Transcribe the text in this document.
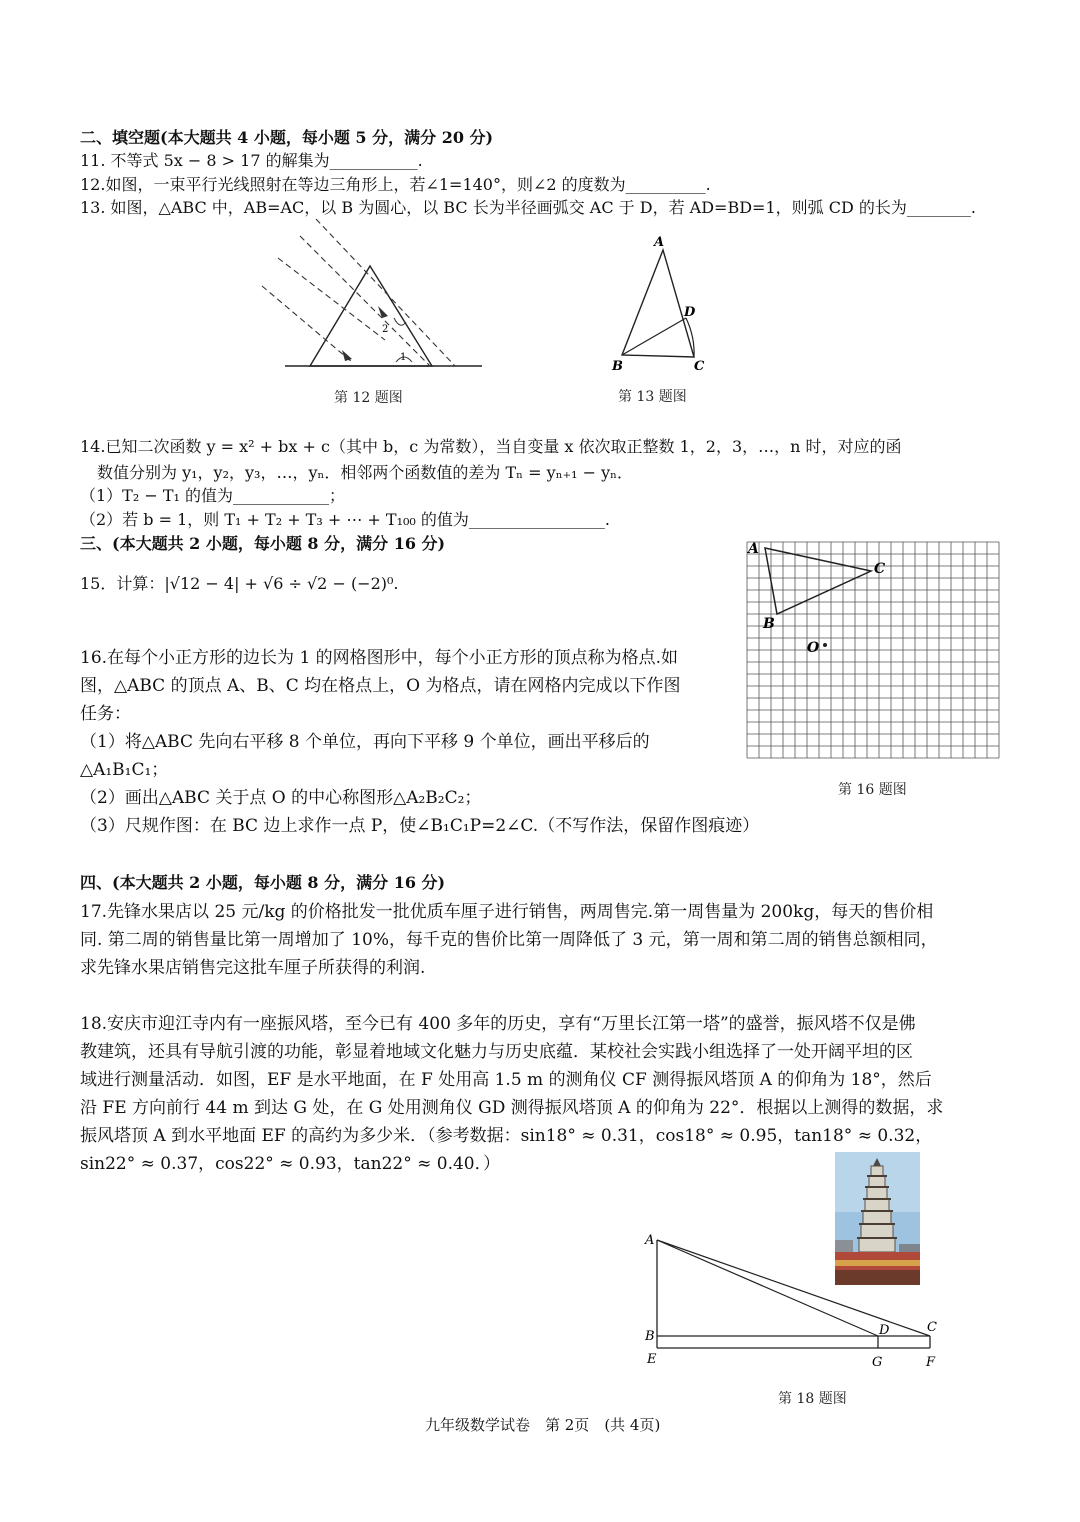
二、填空题(本大题共 4 小题，每小题 5 分，满分 20 分)
11. 不等式 5x − 8 > 17 的解集为___________.
12.如图，一束平行光线照射在等边三角形上，若∠1=140°，则∠2 的度数为__________.
13. 如图，△ABC 中，AB=AC，以 B 为圆心，以 BC 长为半径画弧交 AC 于 D，若 AD=BD=1，则弧 CD 的长为________.
2
1
第 12 题图
A
D
B	C
第 13 题图
14.已知二次函数 y = x² + bx + c（其中 b，c 为常数），当自变量 x 依次取正整数 1，2，3，…，n 时，对应的函
数值分别为 y₁，y₂，y₃，…，yₙ．相邻两个函数值的差为 Tₙ = yₙ₊₁ − yₙ．
（1）T₂ − T₁ 的值为____________；
（2）若 b = 1，则 T₁ + T₂ + T₃ + ⋯ + T₁₀₀ 的值为_________________.
三、(本大题共 2 小题，每小题 8 分，满分 16 分)
15．计算：|√12 − 4| + √6 ÷ √2 − (−2)⁰.
16.在每个小正方形的边长为 1 的网格图形中，每个小正方形的顶点称为格点.如
图，△ABC 的顶点 A、B、C 均在格点上，O 为格点，请在网格内完成以下作图
任务：
（1）将△ABC 先向右平移 8 个单位，再向下平移 9 个单位，画出平移后的
△A₁B₁C₁；
（2）画出△ABC 关于点 O 的中心称图形△A₂B₂C₂；
（3）尺规作图：在 BC 边上求作一点 P，使∠B₁C₁P=2∠C.（不写作法，保留作图痕迹）
A
C
B
O
第 16 题图
四、(本大题共 2 小题，每小题 8 分，满分 16 分)
17.先锋水果店以 25 元/kg 的价格批发一批优质车厘子进行销售，两周售完.第一周售量为 200kg，每天的售价相
同. 第二周的销售量比第一周增加了 10%，每千克的售价比第一周降低了 3 元，第一周和第二周的销售总额相同，
求先锋水果店销售完这批车厘子所获得的利润.
18.安庆市迎江寺内有一座振风塔，至今已有 400 多年的历史，享有“万里长江第一塔”的盛誉，振风塔不仅是佛
教建筑，还具有导航引渡的功能，彰显着地域文化魅力与历史底蕴．某校社会实践小组选择了一处开阔平坦的区
域进行测量活动．如图，EF 是水平地面，在 F 处用高 1.5 m 的测角仪 CF 测得振风塔顶 A 的仰角为 18°，然后
沿 FE 方向前行 44 m 到达 G 处，在 G 处用测角仪 GD 测得振风塔顶 A 的仰角为 22°．根据以上测得的数据，求
振风塔顶 A 到水平地面 EF 的高约为多少米．（参考数据：sin18° ≈ 0.31，cos18° ≈ 0.95，tan18° ≈ 0.32，
sin22° ≈ 0.37，cos22° ≈ 0.93，tan22° ≈ 0.40．）
A
B
E
D	C
G	F
第 18 题图
九年级数学试卷　第 2页　(共 4页)
